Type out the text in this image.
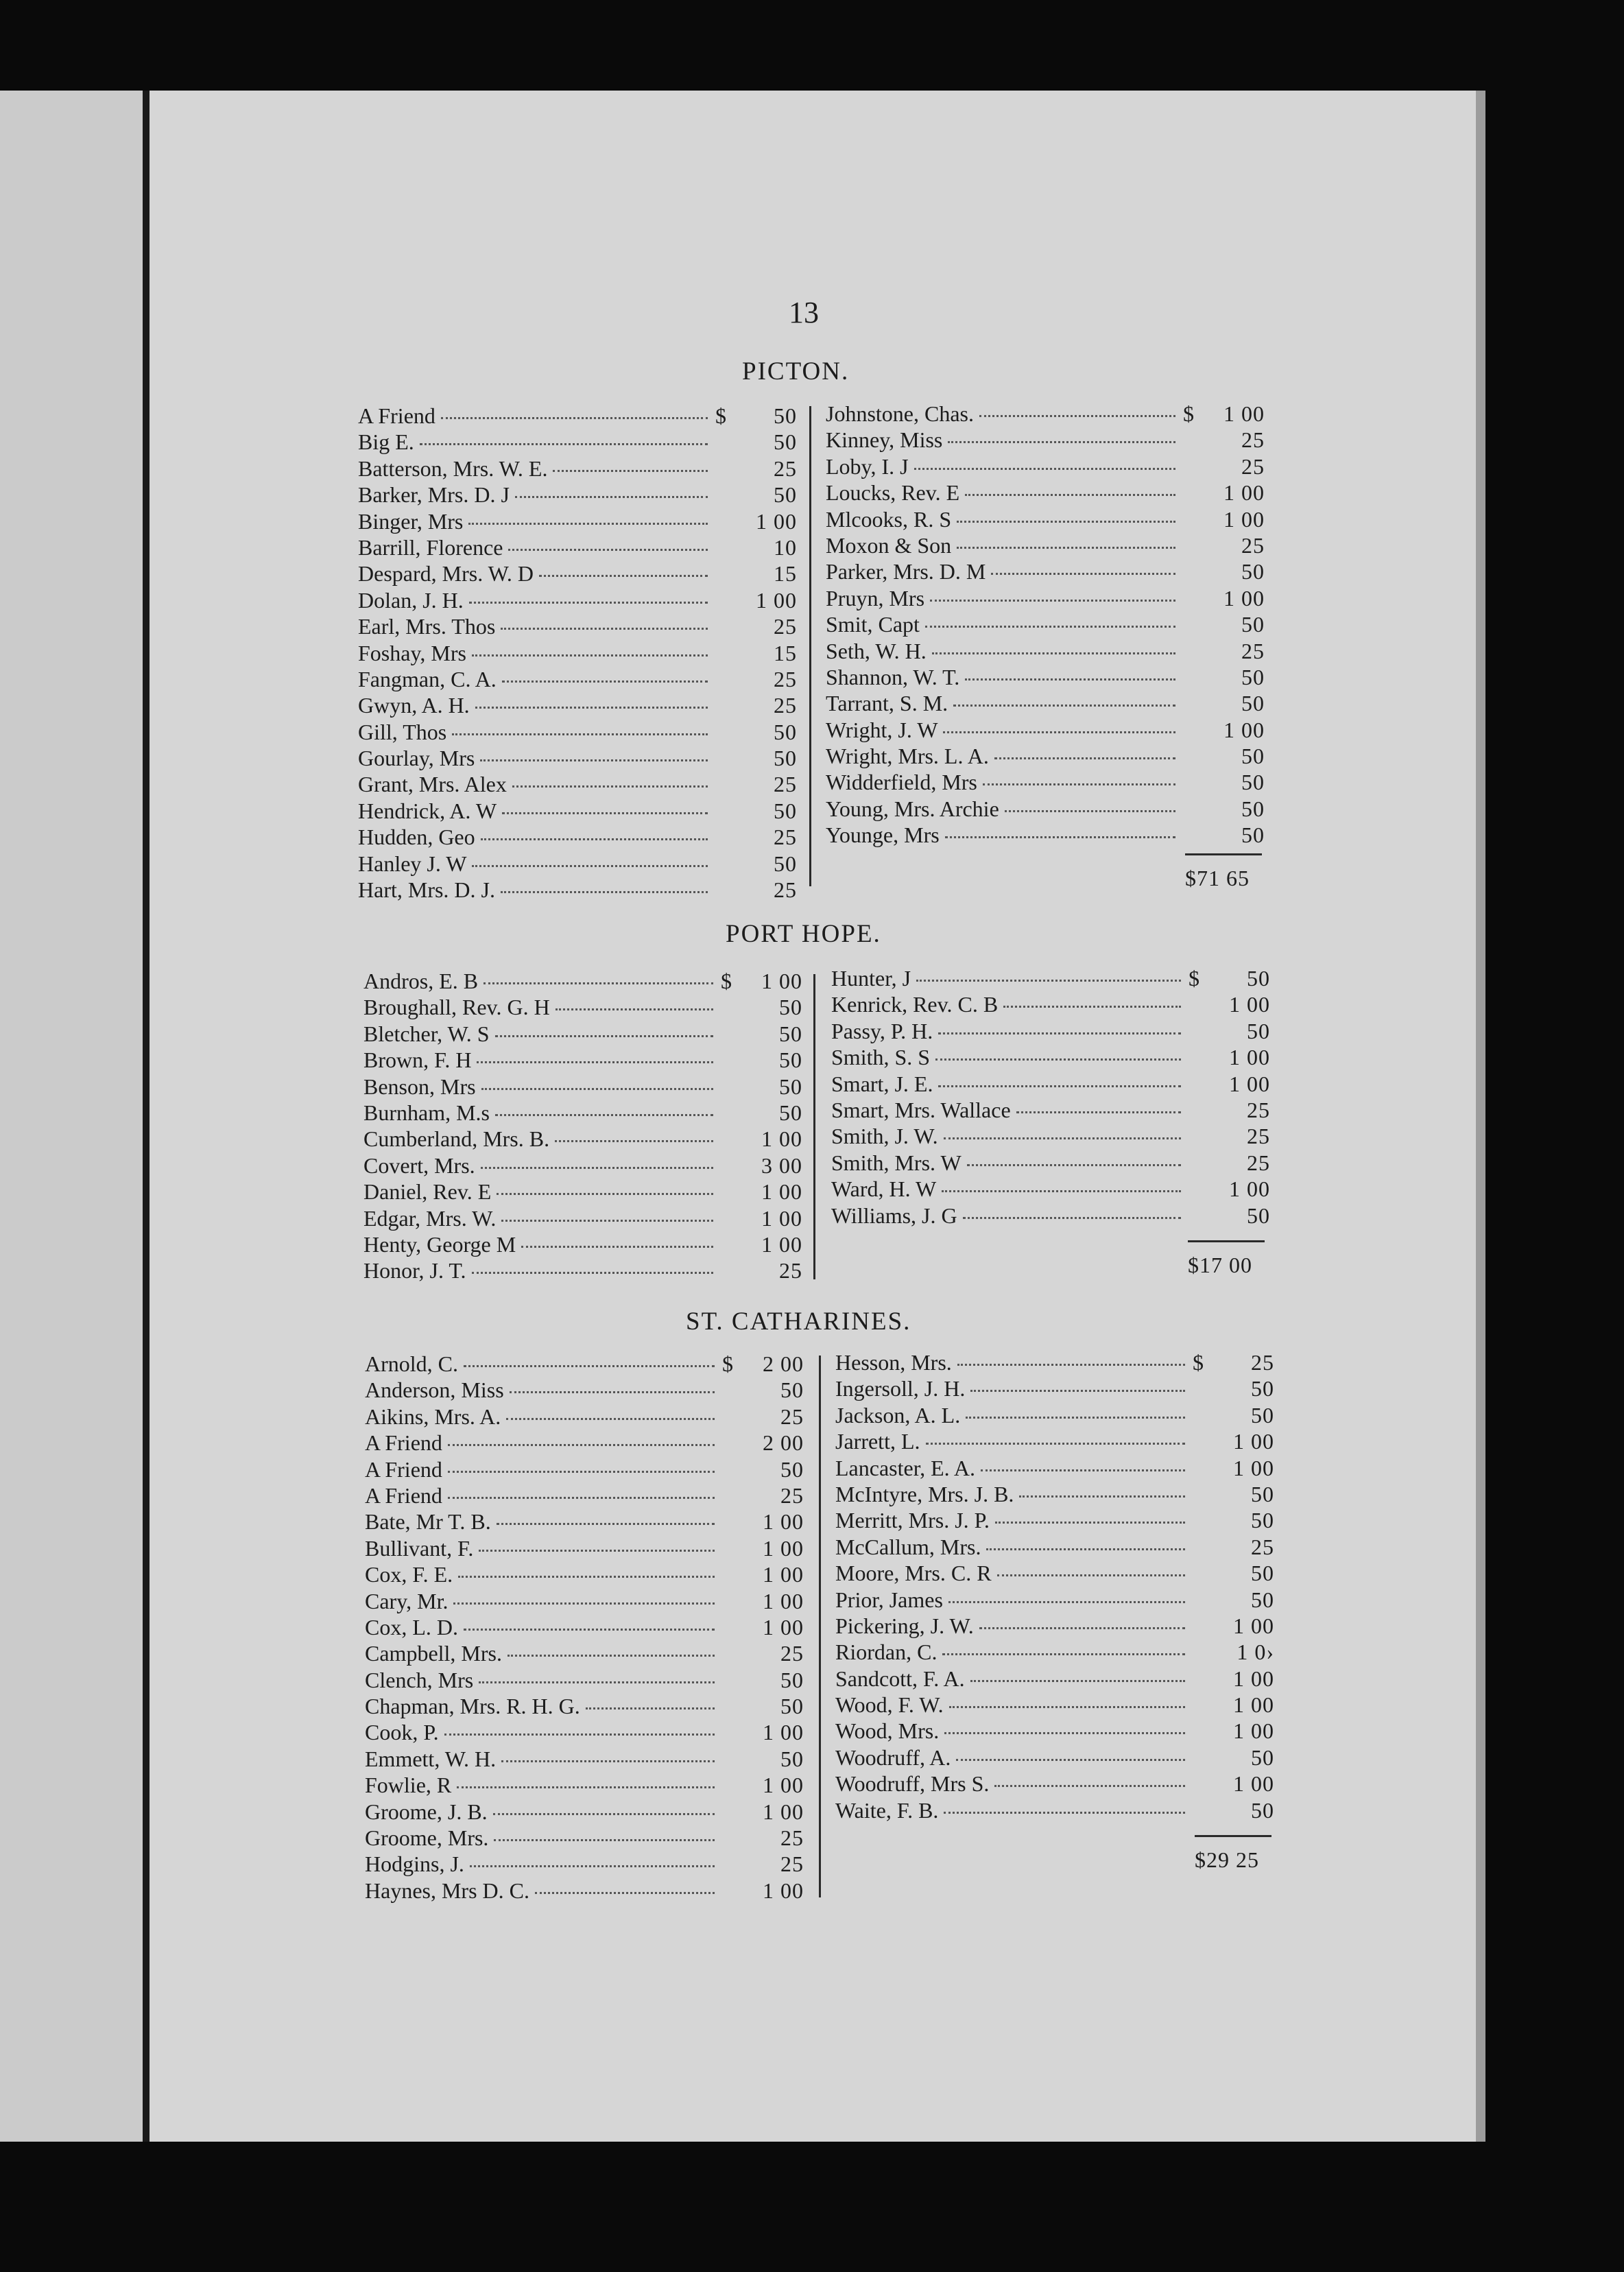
13
PICTON.
A Friend	$	50
Big E.	50
Batterson, Mrs. W. E.	25
Barker, Mrs. D. J	50
Binger, Mrs	1 00
Barrill, Florence	10
Despard, Mrs. W. D	15
Dolan, J. H.	1 00
Earl, Mrs. Thos	25
Foshay, Mrs	15
Fangman, C. A.	25
Gwyn, A. H.	25
Gill, Thos	50
Gourlay, Mrs	50
Grant, Mrs. Alex	25
Hendrick, A. W	50
Hudden, Geo	25
Hanley J. W	50
Hart, Mrs. D. J.	25
Johnstone, Chas.	$	1 00
Kinney, Miss	25
Loby, I. J	25
Loucks, Rev. E	1 00
Mlcooks, R. S	1 00
Moxon & Son	25
Parker, Mrs. D. M	50
Pruyn, Mrs	1 00
Smit, Capt	50
Seth, W. H.	25
Shannon, W. T.	50
Tarrant, S. M.	50
Wright, J. W	1 00
Wright, Mrs. L. A.	50
Widderfield, Mrs	50
Young, Mrs. Archie	50
Younge, Mrs	50
$71 65
PORT HOPE.
Andros, E. B	$	1 00
Broughall, Rev. G. H	50
Bletcher, W. S	50
Brown, F. H	50
Benson, Mrs	50
Burnham, M.s	50
Cumberland, Mrs. B.	1 00
Covert, Mrs.	3 00
Daniel, Rev. E	1 00
Edgar, Mrs. W.	1 00
Henty, George M	1 00
Honor, J. T.	25
Hunter, J	$	50
Kenrick, Rev. C. B	1 00
Passy, P. H.	50
Smith, S. S	1 00
Smart, J. E.	1 00
Smart, Mrs. Wallace	25
Smith, J. W.	25
Smith, Mrs. W	25
Ward, H. W	1 00
Williams, J. G	50
$17 00
ST. CATHARINES.
Arnold, C.	$	2 00
Anderson, Miss	50
Aikins, Mrs. A.	25
A Friend	2 00
A Friend	50
A Friend	25
Bate, Mr T. B.	1 00
Bullivant, F.	1 00
Cox, F. E.	1 00
Cary, Mr.	1 00
Cox, L. D.	1 00
Campbell, Mrs.	25
Clench, Mrs	50
Chapman, Mrs. R. H. G.	50
Cook, P.	1 00
Emmett, W. H.	50
Fowlie, R	1 00
Groome, J. B.	1 00
Groome, Mrs.	25
Hodgins, J.	25
Haynes, Mrs D. C.	1 00
Hesson, Mrs.	$	25
Ingersoll, J. H.	50
Jackson, A. L.	50
Jarrett, L.	1 00
Lancaster, E. A.	1 00
McIntyre, Mrs. J. B.	50
Merritt, Mrs. J. P.	50
McCallum, Mrs.	25
Moore, Mrs. C. R	50
Prior, James	50
Pickering, J. W.	1 00
Riordan, C.	1 0›
Sandcott, F. A.	1 00
Wood, F. W.	1 00
Wood, Mrs.	1 00
Woodruff, A.	50
Woodruff, Mrs S.	1 00
Waite, F. B.	50
$29 25
